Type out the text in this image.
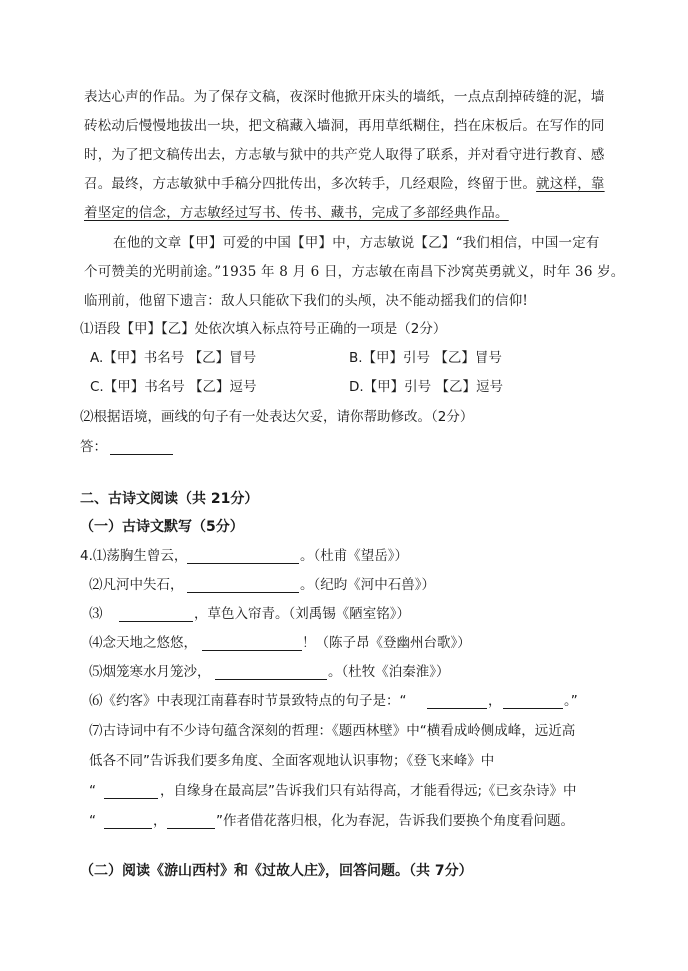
表达心声的作品。为了保存文稿，夜深时他掀开床头的墙纸，一点点刮掉砖缝的泥，墙
砖松动后慢慢地拔出一块，把文稿藏入墙洞，再用草纸糊住，挡在床板后。在写作的同
时，为了把文稿传出去，方志敏与狱中的共产党人取得了联系，并对看守进行教育、感
召。最终，方志敏狱中手稿分四批传出，多次转手，几经艰险，终留于世。就这样，靠
着坚定的信念，方志敏经过写书、传书、藏书，完成了多部经典作品。
在他的文章【甲】可爱的中国【甲】中，方志敏说【乙】“我们相信，中国一定有
个可赞美的光明前途。”1935 年 8 月 6 日，方志敏在南昌下沙窝英勇就义，时年 36 岁。
临刑前，他留下遗言：敌人只能砍下我们的头颅，决不能动摇我们的信仰!
⑴语段【甲】【乙】处依次填入标点符号正确的一项是（2分）
A.【甲】书名号 【乙】冒号	B.【甲】引号 【乙】冒号
C.【甲】书名号 【乙】逗号	D.【甲】引号 【乙】逗号
⑵根据语境，画线的句子有一处表达欠妥，请你帮助修改。（2分）
答：
二、古诗文阅读（共 21分）
（一）古诗文默写（5分）
4.⑴荡胸生曾云，	。（杜甫《望岳》）
⑵凡河中失石，	。（纪昀《河中石兽》）
⑶	，草色入帘青。（刘禹锡《陋室铭》）
⑷念天地之悠悠，	！（陈子昂《登幽州台歌》）
⑸烟笼寒水月笼沙，	。（杜牧《泊秦淮》）
⑹《约客》中表现江南暮春时节景致特点的句子是：“	，	。”
⑺古诗词中有不少诗句蕴含深刻的哲理：《题西林壁》中“横看成岭侧成峰，远近高
低各不同”告诉我们要多角度、全面客观地认识事物；《登飞来峰》中
“	，自缘身在最高层”告诉我们只有站得高，才能看得远;《已亥杂诗》中
“	，	”作者借花落归根，化为春泥，告诉我们要换个角度看问题。
（二）阅读《游山西村》和《过故人庄》，回答问题。（共 7分）
